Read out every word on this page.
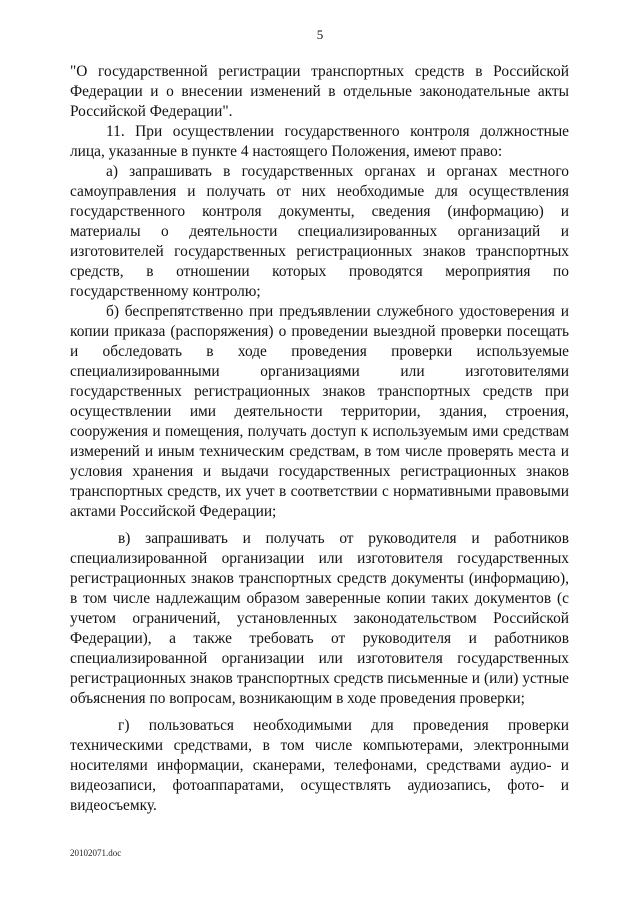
5

"О государственной регистрации транспортных средств в Российской Федерации и о внесении изменений в отдельные законодательные акты Российской Федерации".

11. При осуществлении государственного контроля должностные лица, указанные в пункте 4 настоящего Положения, имеют право:

а) запрашивать в государственных органах и органах местного самоуправления и получать от них необходимые для осуществления государственного контроля документы, сведения (информацию) и материалы о деятельности специализированных организаций и изготовителей государственных регистрационных знаков транспортных средств, в отношении которых проводятся мероприятия по государственному контролю;

б) беспрепятственно при предъявлении служебного удостоверения и копии приказа (распоряжения) о проведении выездной проверки посещать и обследовать в ходе проведения проверки используемые специализированными организациями или изготовителями государственных регистрационных знаков транспортных средств при осуществлении ими деятельности территории, здания, строения, сооружения и помещения, получать доступ к используемым ими средствам измерений и иным техническим средствам, в том числе проверять места и условия хранения и выдачи государственных регистрационных знаков транспортных средств, их учет в соответствии с нормативными правовыми актами Российской Федерации;

в) запрашивать и получать от руководителя и работников специализированной организации или изготовителя государственных регистрационных знаков транспортных средств документы (информацию), в том числе надлежащим образом заверенные копии таких документов (с учетом ограничений, установленных законодательством Российской Федерации), а также требовать от руководителя и работников специализированной организации или изготовителя государственных регистрационных знаков транспортных средств письменные и (или) устные объяснения по вопросам, возникающим в ходе проведения проверки;

г) пользоваться необходимыми для проведения проверки техническими средствами, в том числе компьютерами, электронными носителями информации, сканерами, телефонами, средствами аудио- и видеозаписи, фотоаппаратами, осуществлять аудиозапись, фото- и видеосъемку.

20102071.doc
